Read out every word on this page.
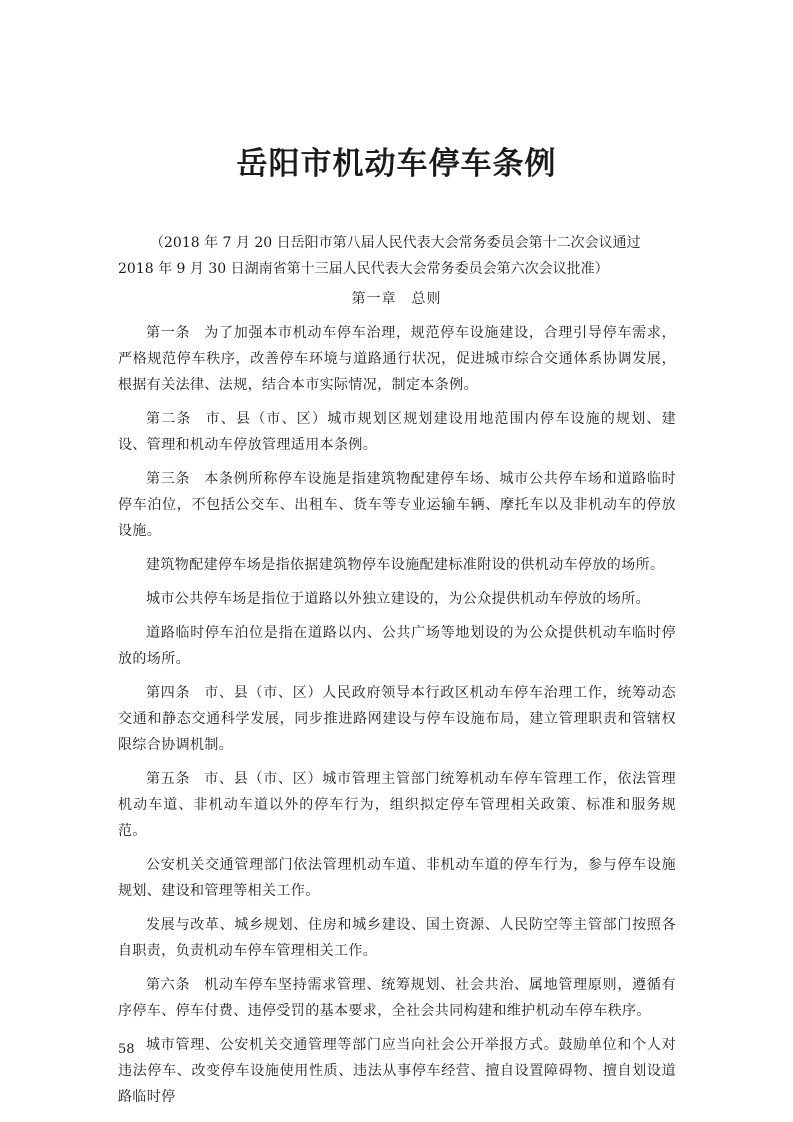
岳阳市机动车停车条例
（2018 年 7 月 20 日岳阳市第八届人民代表大会常务委员会第十二次会议通过
2018 年 9 月 30 日湖南省第十三届人民代表大会常务委员会第六次会议批准）
第一章　总则

第一条 为了加强本市机动车停车治理，规范停车设施建设，合理引导停车需求，严格规范停车秩序，改善停车环境与道路通行状况，促进城市综合交通体系协调发展，根据有关法律、法规，结合本市实际情况，制定本条例。

第二条 市、县（市、区）城市规划区规划建设用地范围内停车设施的规划、建设、管理和机动车停放管理适用本条例。

第三条 本条例所称停车设施是指建筑物配建停车场、城市公共停车场和道路临时停车泊位，不包括公交车、出租车、货车等专业运输车辆、摩托车以及非机动车的停放设施。

建筑物配建停车场是指依据建筑物停车设施配建标准附设的供机动车停放的场所。

城市公共停车场是指位于道路以外独立建设的，为公众提供机动车停放的场所。

道路临时停车泊位是指在道路以内、公共广场等地划设的为公众提供机动车临时停放的场所。

第四条 市、县（市、区）人民政府领导本行政区机动车停车治理工作，统筹动态交通和静态交通科学发展，同步推进路网建设与停车设施布局，建立管理职责和管辖权限综合协调机制。

第五条 市、县（市、区）城市管理主管部门统筹机动车停车管理工作，依法管理机动车道、非机动车道以外的停车行为，组织拟定停车管理相关政策、标准和服务规范。

公安机关交通管理部门依法管理机动车道、非机动车道的停车行为，参与停车设施规划、建设和管理等相关工作。

发展与改革、城乡规划、住房和城乡建设、国土资源、人民防空等主管部门按照各自职责，负责机动车停车管理相关工作。

第六条 机动车停车坚持需求管理、统筹规划、社会共治、属地管理原则，遵循有序停车、停车付费、违停受罚的基本要求，全社会共同构建和维护机动车停车秩序。

城市管理、公安机关交通管理等部门应当向社会公开举报方式。鼓励单位和个人对违法停车、改变停车设施使用性质、违法从事停车经营、擅自设置障碍物、擅自划设道路临时停

58
